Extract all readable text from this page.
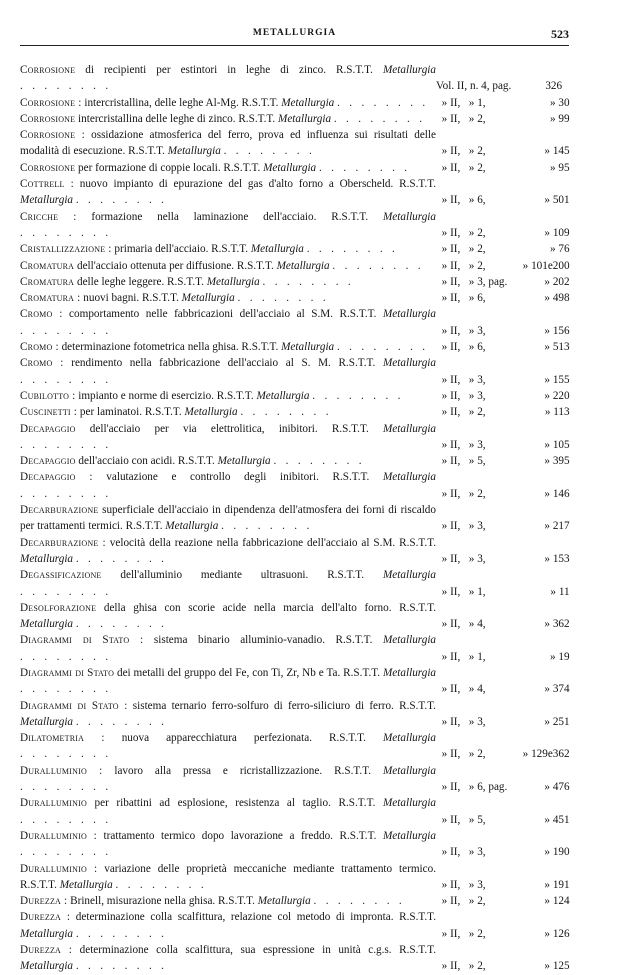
METALLURGIA	523
Corrosione di recipienti per estintori in leghe di zinco. R.S.T.T. Metallurgia . . . . . . . .	Vol. II, n. 4, pag.	326
Corrosione : intercristallina, delle leghe Al-Mg. R.S.T.T. Metallurgia . . . . . . . .	» II, » 1,	» 30
Corrosione intercristallina delle leghe di zinco. R.S.T.T. Metallurgia . . . . . . . .	» II, » 2,	» 99
Corrosione : ossidazione atmosferica del ferro, prova ed influenza sui risultati delle modalità di esecuzione. R.S.T.T. Metallurgia . . . . . . . .	» II, » 2,	» 145
Corrosione per formazione di coppie locali. R.S.T.T. Metallurgia . . . . . . . .	» II, » 2,	» 95
Cottrell : nuovo impianto di epurazione del gas d'alto forno a Oberscheld. R.S.T.T. Metallurgia . . . . . . . .	» II, » 6,	» 501
Cricche : formazione nella laminazione dell'acciaio. R.S.T.T. Metallurgia . . . . . . . .	» II, » 2,	» 109
Cristallizzazione : primaria dell'acciaio. R.S.T.T. Metallurgia . . . . . . . .	» II, » 2,	» 76
Cromatura dell'acciaio ottenuta per diffusione. R.S.T.T. Metallurgia . . . . . . . .	» II, » 2,	» 101e200
Cromatura delle leghe leggere. R.S.T.T. Metallurgia . . . . . . . .	» II, » 3, pag.	» 202
Cromatura : nuovi bagni. R.S.T.T. Metallurgia . . . . . . . .	» II, » 6,	» 498
Cromo : comportamento nelle fabbricazioni dell'acciaio al S.M. R.S.T.T. Metallurgia . . . . . . . .	» II, » 3,	» 156
Cromo : determinazione fotometrica nella ghisa. R.S.T.T. Metallurgia . . . . . . . .	» II, » 6,	» 513
Cromo : rendimento nella fabbricazione dell'acciaio al S. M. R.S.T.T. Metallurgia . . . . . . . .	» II, » 3,	» 155
Cubilotto : impianto e norme di esercizio. R.S.T.T. Metallurgia . . . . . . . .	» II, » 3,	» 220
Cuscinetti : per laminatoi. R.S.T.T. Metallurgia . . . . . . . .	» II, » 2,	» 113
Decapaggio dell'acciaio per via elettrolitica, inibitori. R.S.T.T. Metallurgia . . . . . . . .	» II, » 3,	» 105
Decapaggio dell'acciaio con acidi. R.S.T.T. Metallurgia . . . . . . . .	» II, » 5,	» 395
Decapaggio : valutazione e controllo degli inibitori. R.S.T.T. Metallurgia . . . . . . . .	» II, » 2,	» 146
Decarburazione superficiale dell'acciaio in dipendenza dell'atmosfera dei forni di riscaldo per trattamenti termici. R.S.T.T. Metallurgia . . . . . . . .	» II, » 3,	» 217
Decarburazione : velocità della reazione nella fabbricazione dell'acciaio al S.M. R.S.T.T. Metallurgia . . . . . . . .	» II, » 3,	» 153
Degassificazione dell'alluminio mediante ultrasuoni. R.S.T.T. Metallurgia . . . . . . . .	» II, » 1,	» 11
Desolforazione della ghisa con scorie acide nella marcia dell'alto forno. R.S.T.T. Metallurgia . . . . . . . .	» II, » 4,	» 362
Diagrammi di Stato : sistema binario alluminio-vanadio. R.S.T.T. Metallurgia . . . . . . . .	» II, » 1,	» 19
Diagrammi di Stato dei metalli del gruppo del Fe, con Ti, Zr, Nb e Ta. R.S.T.T. Metallurgia . . . . . . . .	» II, » 4,	» 374
Diagrammi di Stato : sistema ternario ferro-solfuro di ferro-siliciuro di ferro. R.S.T.T. Metallurgia . . . . . . . .	» II, » 3,	» 251
Dilatometria : nuova apparecchiatura perfezionata. R.S.T.T. Metallurgia . . . . . . . .	» II, » 2,	» 129e362
Duralluminio : lavoro alla pressa e ricristallizzazione. R.S.T.T. Metallurgia . . . . . . . .	» II, » 6, pag.	» 476
Duralluminio per ribattini ad esplosione, resistenza al taglio. R.S.T.T. Metallurgia . . . . . . . .	» II, » 5,	» 451
Duralluminio : trattamento termico dopo lavorazione a freddo. R.S.T.T. Metallurgia . . . . . . . .	» II, » 3,	» 190
Duralluminio : variazione delle proprietà meccaniche mediante trattamento termico. R.S.T.T. Metallurgia . . . . . . . .	» II, » 3,	» 191
Durezza : Brinell, misurazione nella ghisa. R.S.T.T. Metallurgia . . . . . . . .	» II, » 2,	» 124
Durezza : determinazione colla scalfittura, relazione col metodo di impronta. R.S.T.T. Metallurgia . . . . . . . .	» II, » 2,	» 126
Durezza : determinazione colla scalfittura, sua espressione in unità c.g.s. R.S.T.T. Metallurgia . . . . . . . .	» II, » 2,	» 125
